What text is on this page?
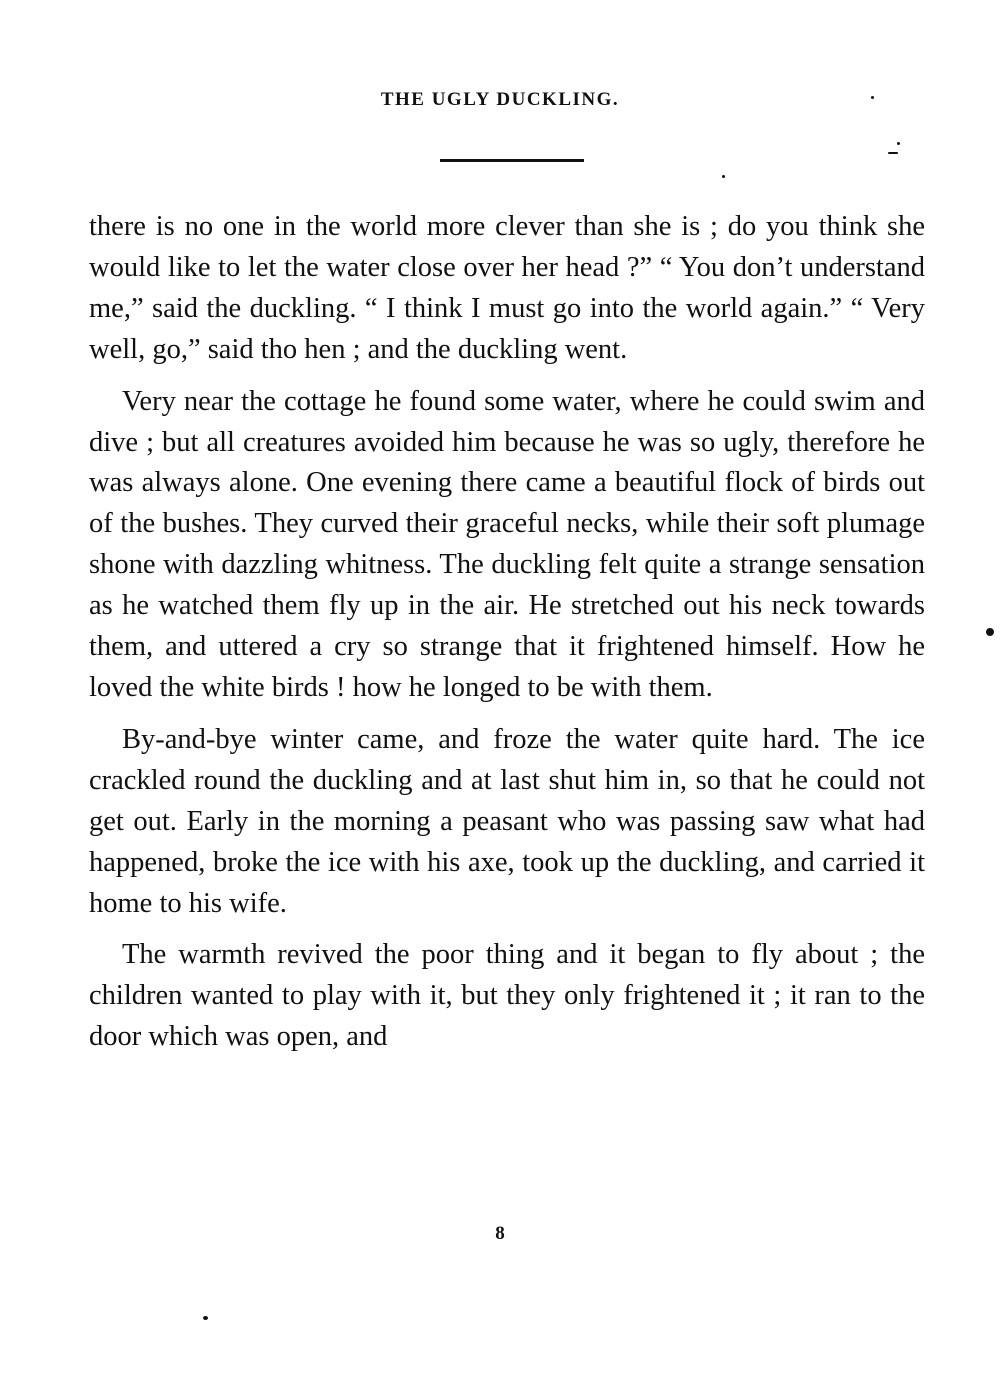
THE UGLY DUCKLING.

there is no one in the world more clever than she is ; do you think she would like to let the water close over her head ?” “ You don’t understand me,” said the duckling. “ I think I must go into the world again.” “ Very well, go,” said tho hen ; and the duckling went.

Very near the cottage he found some water, where he could swim and dive ; but all creatures avoided him because he was so ugly, therefore he was always alone. One evening there came a beautiful flock of birds out of the bushes. They curved their graceful necks, while their soft plumage shone with dazzling whitness. The duckling felt quite a strange sensation as he watched them fly up in the air. He stretched out his neck towards them, and uttered a cry so strange that it frightened himself. How he loved the white birds ! how he longed to be with them.

By-and-bye winter came, and froze the water quite hard. The ice crackled round the duckling and at last shut him in, so that he could not get out. Early in the morning a peasant who was passing saw what had happened, broke the ice with his axe, took up the duckling, and carried it home to his wife.

The warmth revived the poor thing and it began to fly about ; the children wanted to play with it, but they only frightened it ; it ran to the door which was open, and

8
